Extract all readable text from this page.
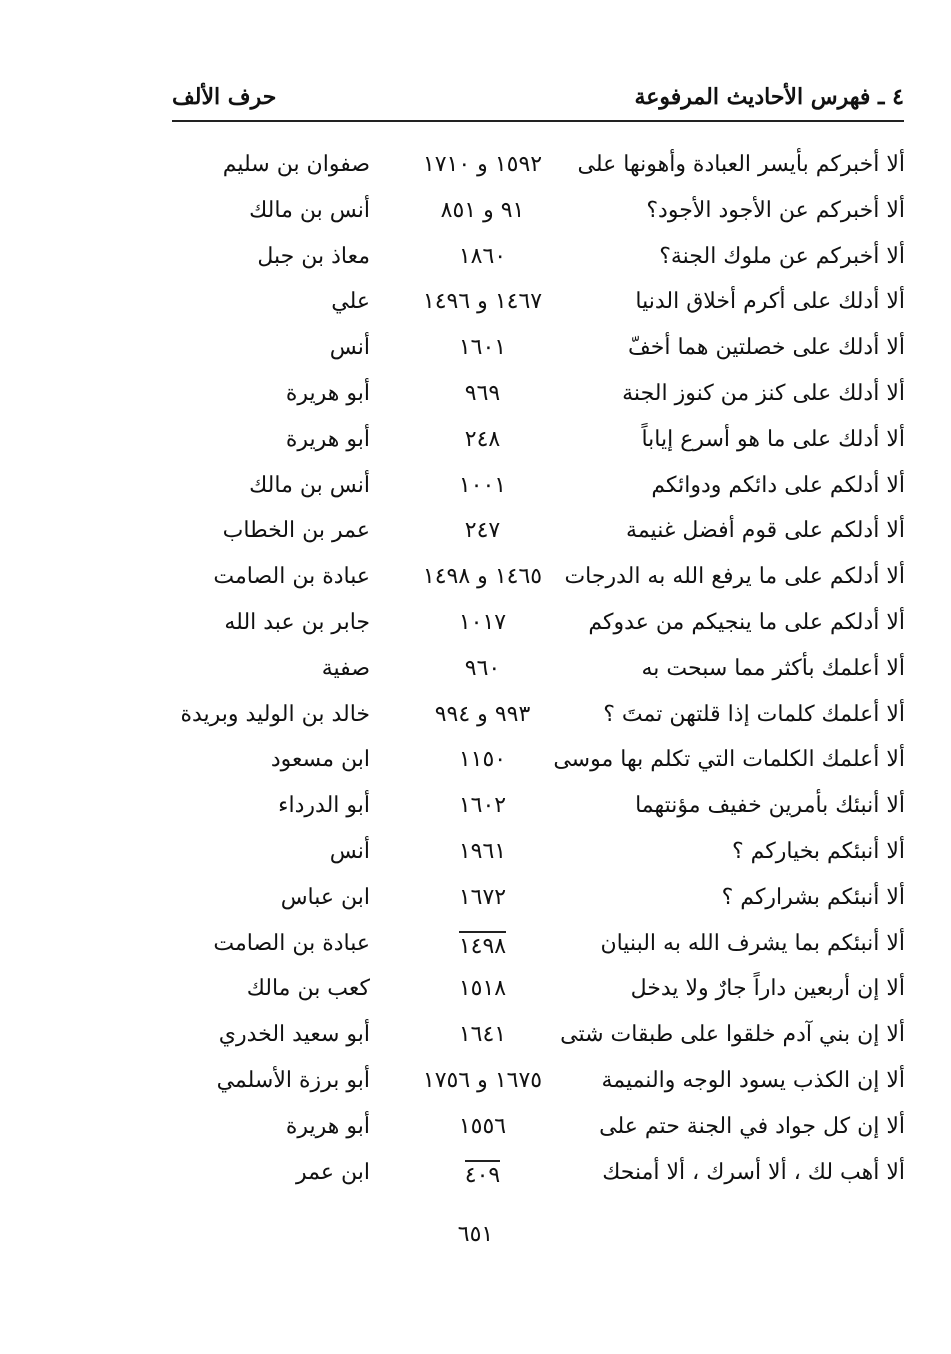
٤ ـ فهرس الأحاديث المرفوعة
حرف الألف
ألا أخبركم بأيسر العبادة وأهونها على
١٥٩٢ و ١٧١٠
صفوان بن سليم
ألا أخبركم عن الأجود الأجود؟
٩١ و ٨٥١
أنس بن مالك
ألا أخبركم عن ملوك الجنة؟
١٨٦٠
معاذ بن جبل
ألا أدلك على أكرم أخلاق الدنيا
١٤٦٧ و ١٤٩٦
علي
ألا أدلك على خصلتين هما أخفّ
١٦٠١
أنس
ألا أدلك على كنز من كنوز الجنة
٩٦٩
أبو هريرة
ألا أدلك على ما هو أسرع إياباً
٢٤٨
أبو هريرة
ألا أدلكم على دائكم ودوائكم
١٠٠١
أنس بن مالك
ألا أدلكم على قوم أفضل غنيمة
٢٤٧
عمر بن الخطاب
ألا أدلكم على ما يرفع الله به الدرجات
١٤٦٥ و ١٤٩٨
عبادة بن الصامت
ألا أدلكم على ما ينجيكم من عدوكم
١٠١٧
جابر بن عبد الله
ألا أعلمك بأكثر مما سبحت به
٩٦٠
صفية
ألا أعلمك كلمات إذا قلتهن تمتَ ؟
٩٩٣ و ٩٩٤
خالد بن الوليد وبريدة
ألا أعلمك الكلمات التي تكلم بها موسى
١١٥٠
ابن مسعود
ألا أنبئك بأمرين خفيف مؤنتهما
١٦٠٢
أبو الدرداء
ألا أنبئكم بخياركم ؟
١٩٦١
أنس
ألا أنبئكم بشراركم ؟
١٦٧٢
ابن عباس
ألا أنبئكم بما يشرف الله به البنيان
١٤٩٨
عبادة بن الصامت
ألا إن أربعين داراً جارٌ ولا يدخل
١٥١٨
كعب بن مالك
ألا إن بني آدم خلقوا على طبقات شتى
١٦٤١
أبو سعيد الخدري
ألا إن الكذب يسود الوجه والنميمة
١٦٧٥ و ١٧٥٦
أبو برزة الأسلمي
ألا إن كل جواد في الجنة حتم على
١٥٥٦
أبو هريرة
ألا أهب لك ، ألا أسرك ، ألا أمنحك
٤٠٩
ابن عمر
٦٥١
